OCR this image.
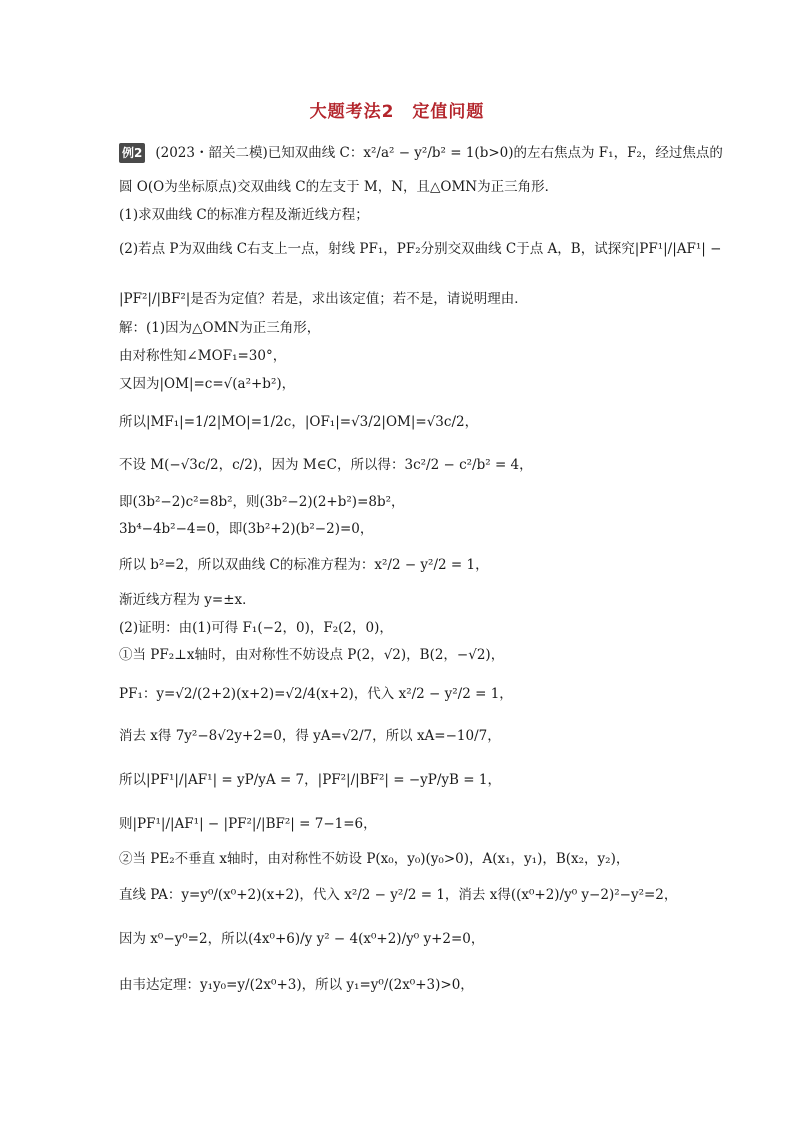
大题考法2　定值问题
例2 (2023・韶关二模)已知双曲线 C：x²/a² − y²/b² = 1(b>0)的左右焦点为 F₁，F₂，经过焦点的
圆 O(O为坐标原点)交双曲线 C的左支于 M，N，且△OMN为正三角形．
(1)求双曲线 C的标准方程及渐近线方程；
(2)若点 P为双曲线 C右支上一点，射线 PF₁，PF₂分别交双曲线 C于点 A，B，试探究|PF¹|/|AF¹| −
|PF²|/|BF²|是否为定值？若是，求出该定值；若不是，请说明理由．
解：(1)因为△OMN为正三角形，
由对称性知∠MOF₁=30°，
又因为|OM|=c=√(a²+b²)，
所以|MF₁|=1/2|MO|=1/2c，|OF₁|=√3/2|OM|=√3c/2，
不设 M(−√3c/2，c/2)，因为 M∈C，所以得：3c²/2 − c²/b² = 4，
即(3b²−2)c²=8b²，则(3b²−2)(2+b²)=8b²，
3b⁴−4b²−4=0，即(3b²+2)(b²−2)=0，
所以 b²=2，所以双曲线 C的标准方程为：x²/2 − y²/2 = 1，
渐近线方程为 y=±x．
(2)证明：由(1)可得 F₁(−2，0)，F₂(2，0)，
①当 PF₂⊥x轴时，由对称性不妨设点 P(2，√2)，B(2，−√2)，
PF₁：y=√2/(2+2)(x+2)=√2/4(x+2)，代入 x²/2 − y²/2 = 1，
消去 x得 7y²−8√2y+2=0，得 yA=√2/7，所以 xA=−10/7，
所以|PF¹|/|AF¹| = yP/yA = 7，|PF²|/|BF²| = −yP/yB = 1，
则|PF¹|/|AF¹| − |PF²|/|BF²| = 7−1=6，
②当 PE₂不垂直 x轴时，由对称性不妨设 P(x₀，y₀)(y₀>0)，A(x₁，y₁)，B(x₂，y₂)，
直线 PA：y=y⁰/(x⁰+2)(x+2)，代入 x²/2 − y²/2 = 1，消去 x得((x⁰+2)/y⁰ y−2)²−y²=2，
因为 x⁰−y⁰=2，所以(4x⁰+6)/y y² − 4(x⁰+2)/y⁰ y+2=0，
由韦达定理：y₁y₀=y/(2x⁰+3)，所以 y₁=y⁰/(2x⁰+3)>0，
